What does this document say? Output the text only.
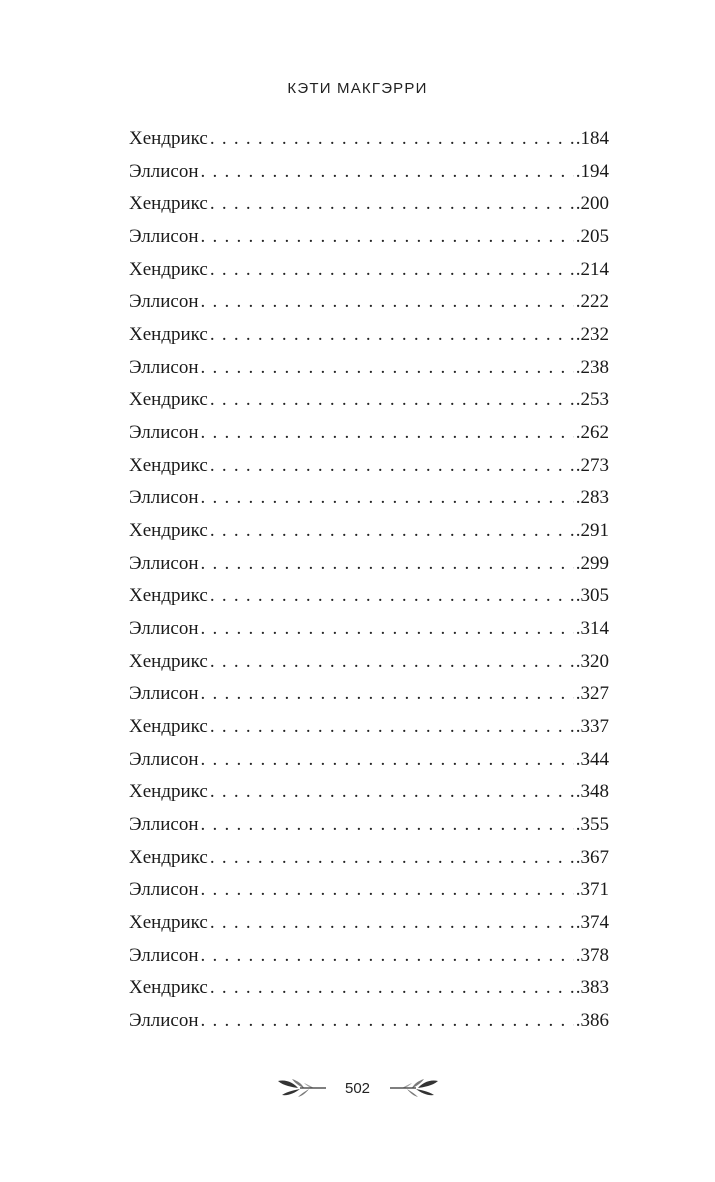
КЭТИ МАКГЭРРИ
Хендрикс . . .	.184
Эллисон . . .	.194
Хендрикс . . .	.200
Эллисон . . .	.205
Хендрикс . . .	.214
Эллисон . . .	.222
Хендрикс . . .	.232
Эллисон . . .	.238
Хендрикс . . .	.253
Эллисон . . .	.262
Хендрикс . . .	.273
Эллисон . . .	.283
Хендрикс . . .	.291
Эллисон . . .	.299
Хендрикс . . .	.305
Эллисон . . .	.314
Хендрикс . . .	.320
Эллисон . . .	.327
Хендрикс . . .	.337
Эллисон . . .	.344
Хендрикс . . .	.348
Эллисон . . .	.355
Хендрикс . . .	.367
Эллисон . . .	.371
Хендрикс . . .	.374
Эллисон . . .	.378
Хендрикс . . .	.383
Эллисон . . .	.386
502
